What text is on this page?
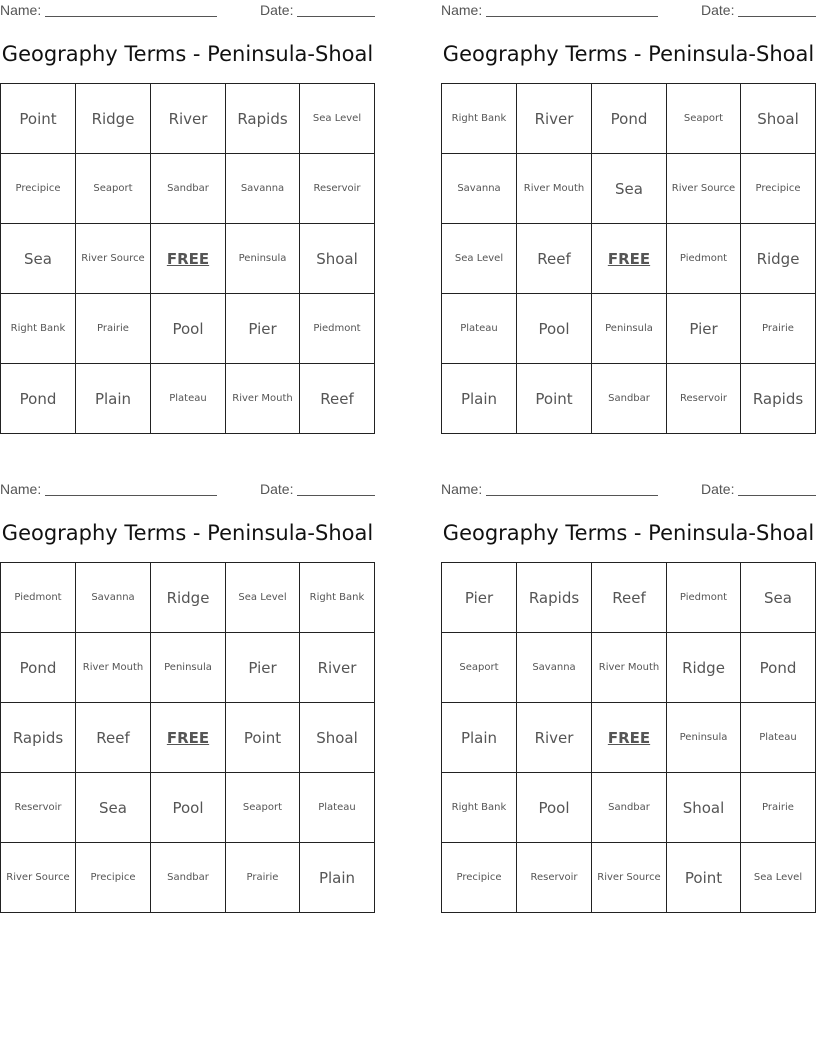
Name:	Date:
Geography Terms - Peninsula-Shoal
Point	Ridge	River	Rapids	Sea Level
Precipice	Seaport	Sandbar	Savanna	Reservoir
Sea	River Source	FREE	Peninsula	Shoal
Right Bank	Prairie	Pool	Pier	Piedmont
Pond	Plain	Plateau	River Mouth	Reef
Name:	Date:
Geography Terms - Peninsula-Shoal
Right Bank	River	Pond	Seaport	Shoal
Savanna	River Mouth	Sea	River Source	Precipice
Sea Level	Reef	FREE	Piedmont	Ridge
Plateau	Pool	Peninsula	Pier	Prairie
Plain	Point	Sandbar	Reservoir	Rapids
Name:	Date:
Geography Terms - Peninsula-Shoal
Piedmont	Savanna	Ridge	Sea Level	Right Bank
Pond	River Mouth	Peninsula	Pier	River
Rapids	Reef	FREE	Point	Shoal
Reservoir	Sea	Pool	Seaport	Plateau
River Source	Precipice	Sandbar	Prairie	Plain
Name:	Date:
Geography Terms - Peninsula-Shoal
Pier	Rapids	Reef	Piedmont	Sea
Seaport	Savanna	River Mouth	Ridge	Pond
Plain	River	FREE	Peninsula	Plateau
Right Bank	Pool	Sandbar	Shoal	Prairie
Precipice	Reservoir	River Source	Point	Sea Level
